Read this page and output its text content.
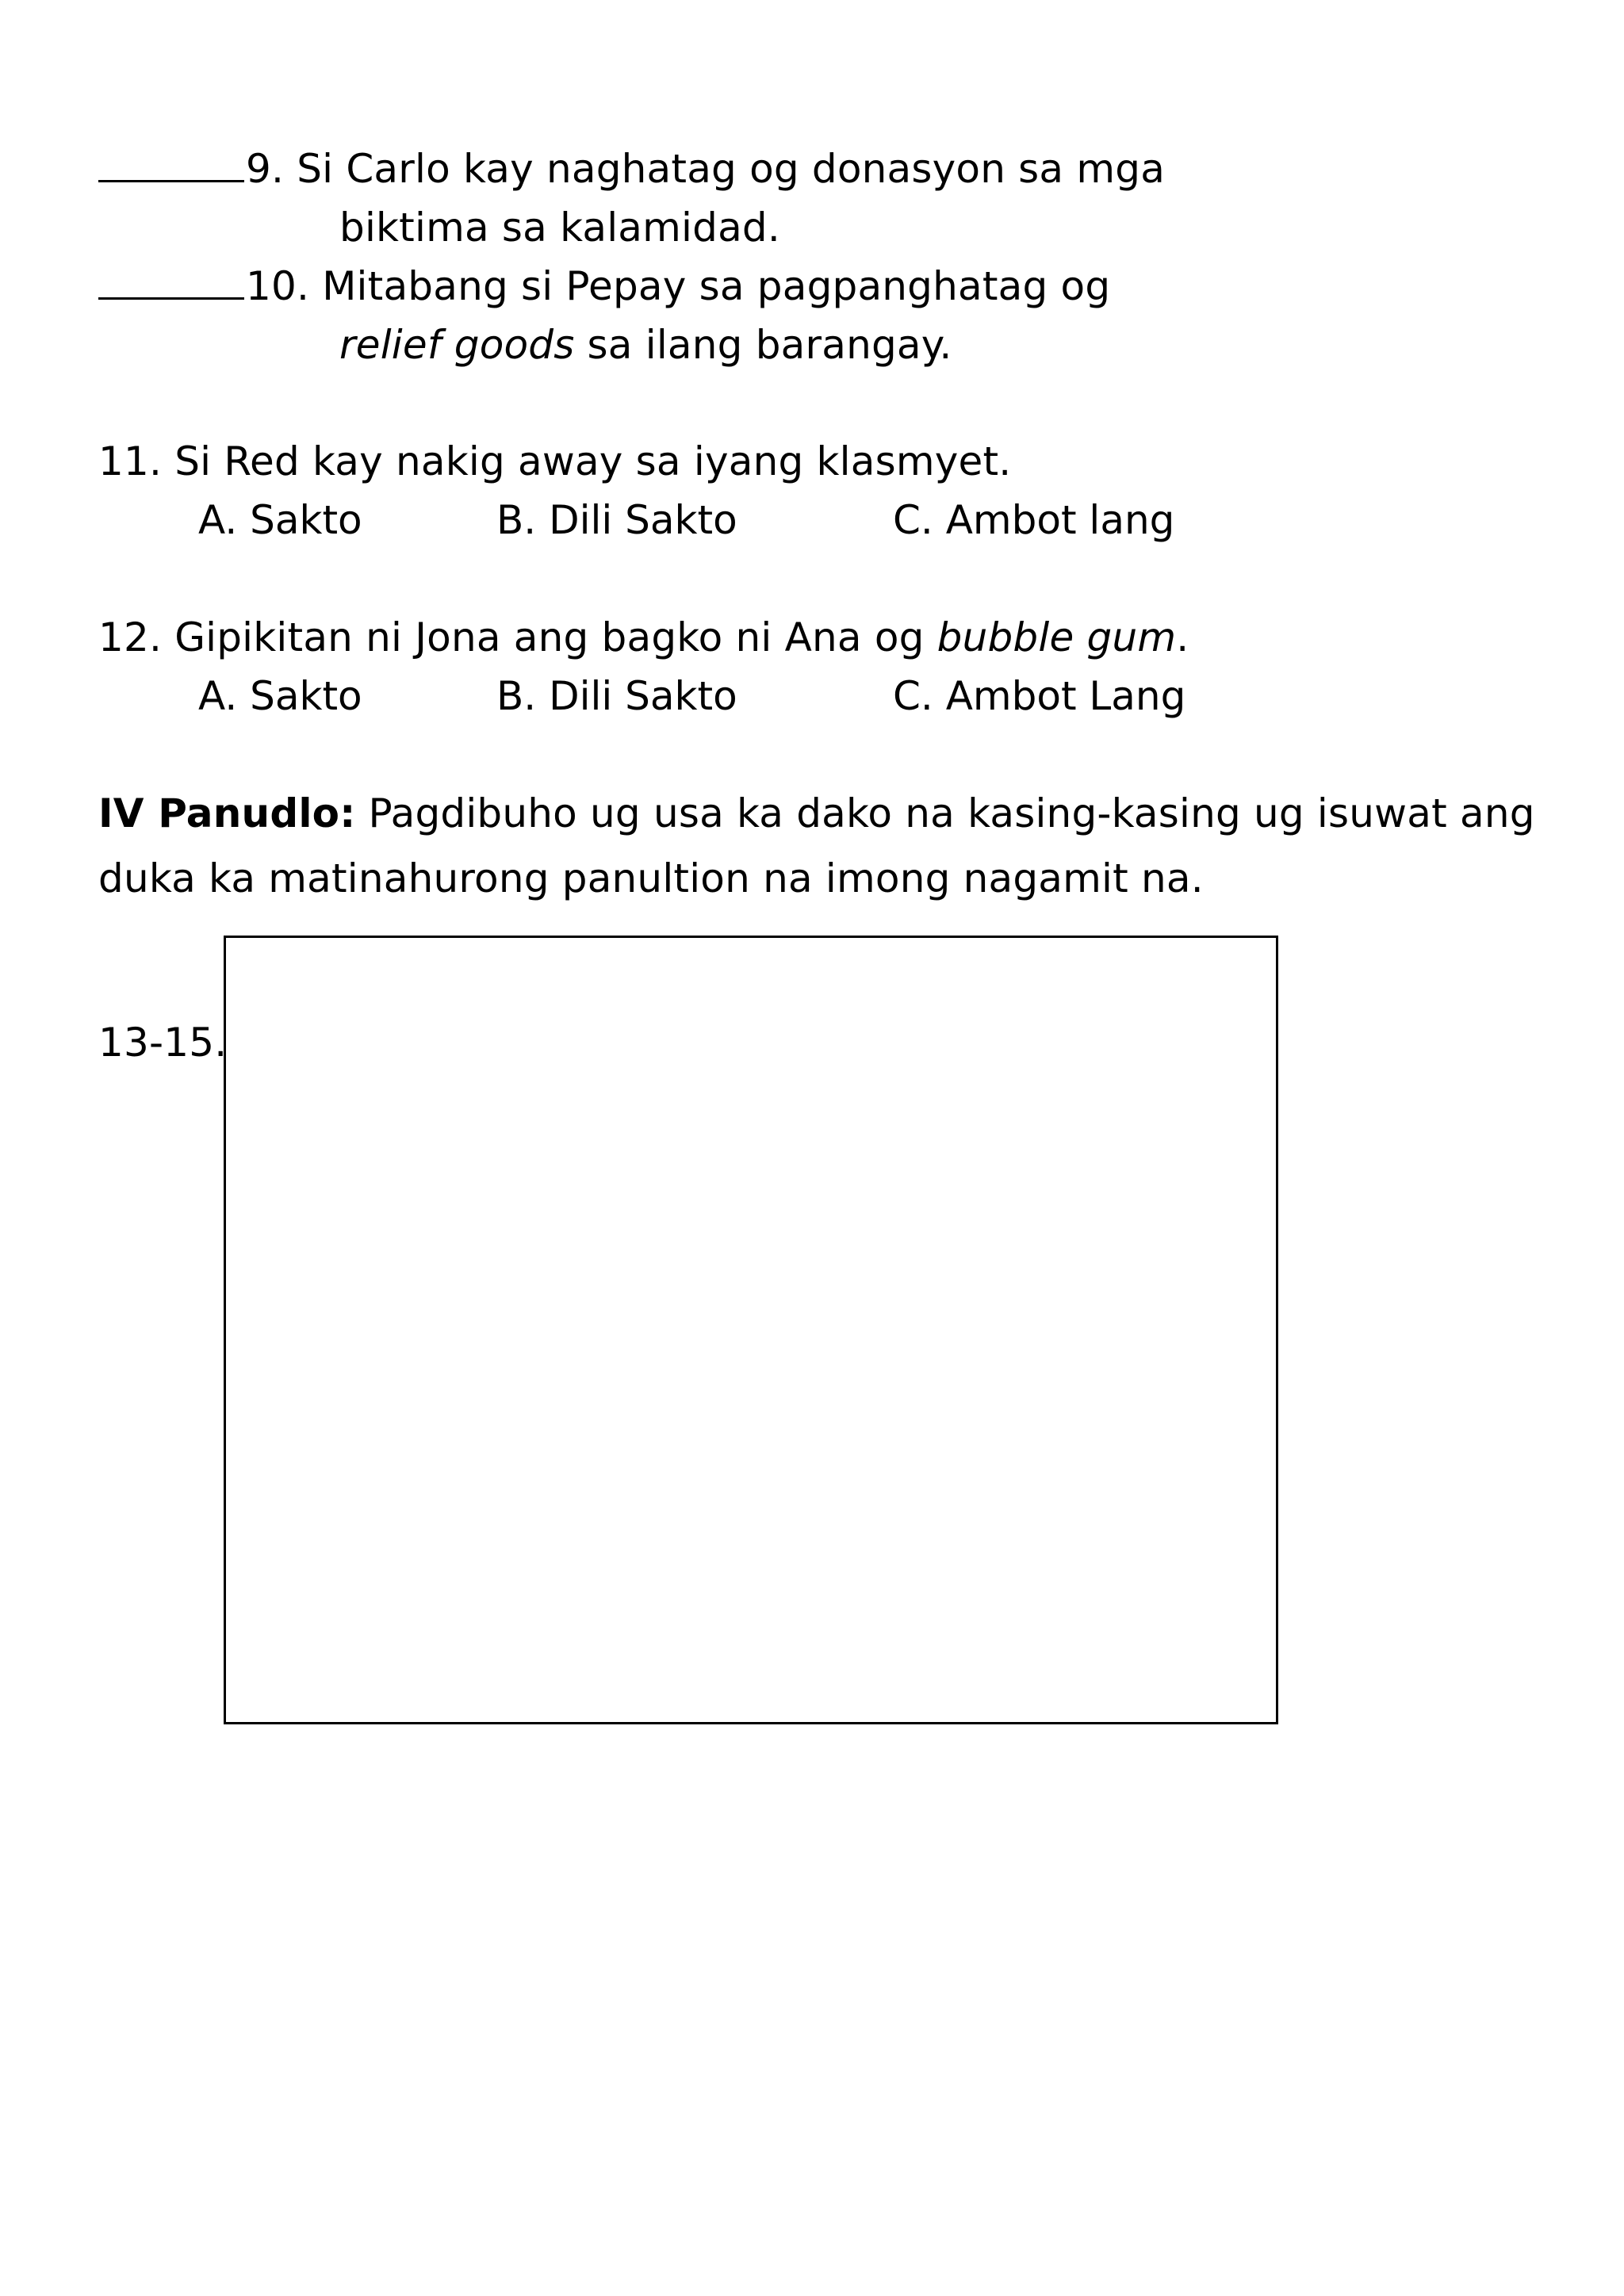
9. Si Carlo kay naghatag og donasyon sa mga
biktima sa kalamidad.
10. Mitabang si Pepay sa pagpanghatag og
relief goods sa ilang barangay.
11. Si Red kay nakig away sa iyang klasmyet.
A. Sakto	B. Dili Sakto	C. Ambot lang
12. Gipikitan ni Jona ang bagko ni Ana og bubble gum.
A. Sakto	B. Dili Sakto	C. Ambot Lang
IV Panudlo: Pagdibuho ug usa ka dako na kasing-kasing ug isuwat ang
duka ka matinahurong panultion na imong nagamit na.
13-15.
